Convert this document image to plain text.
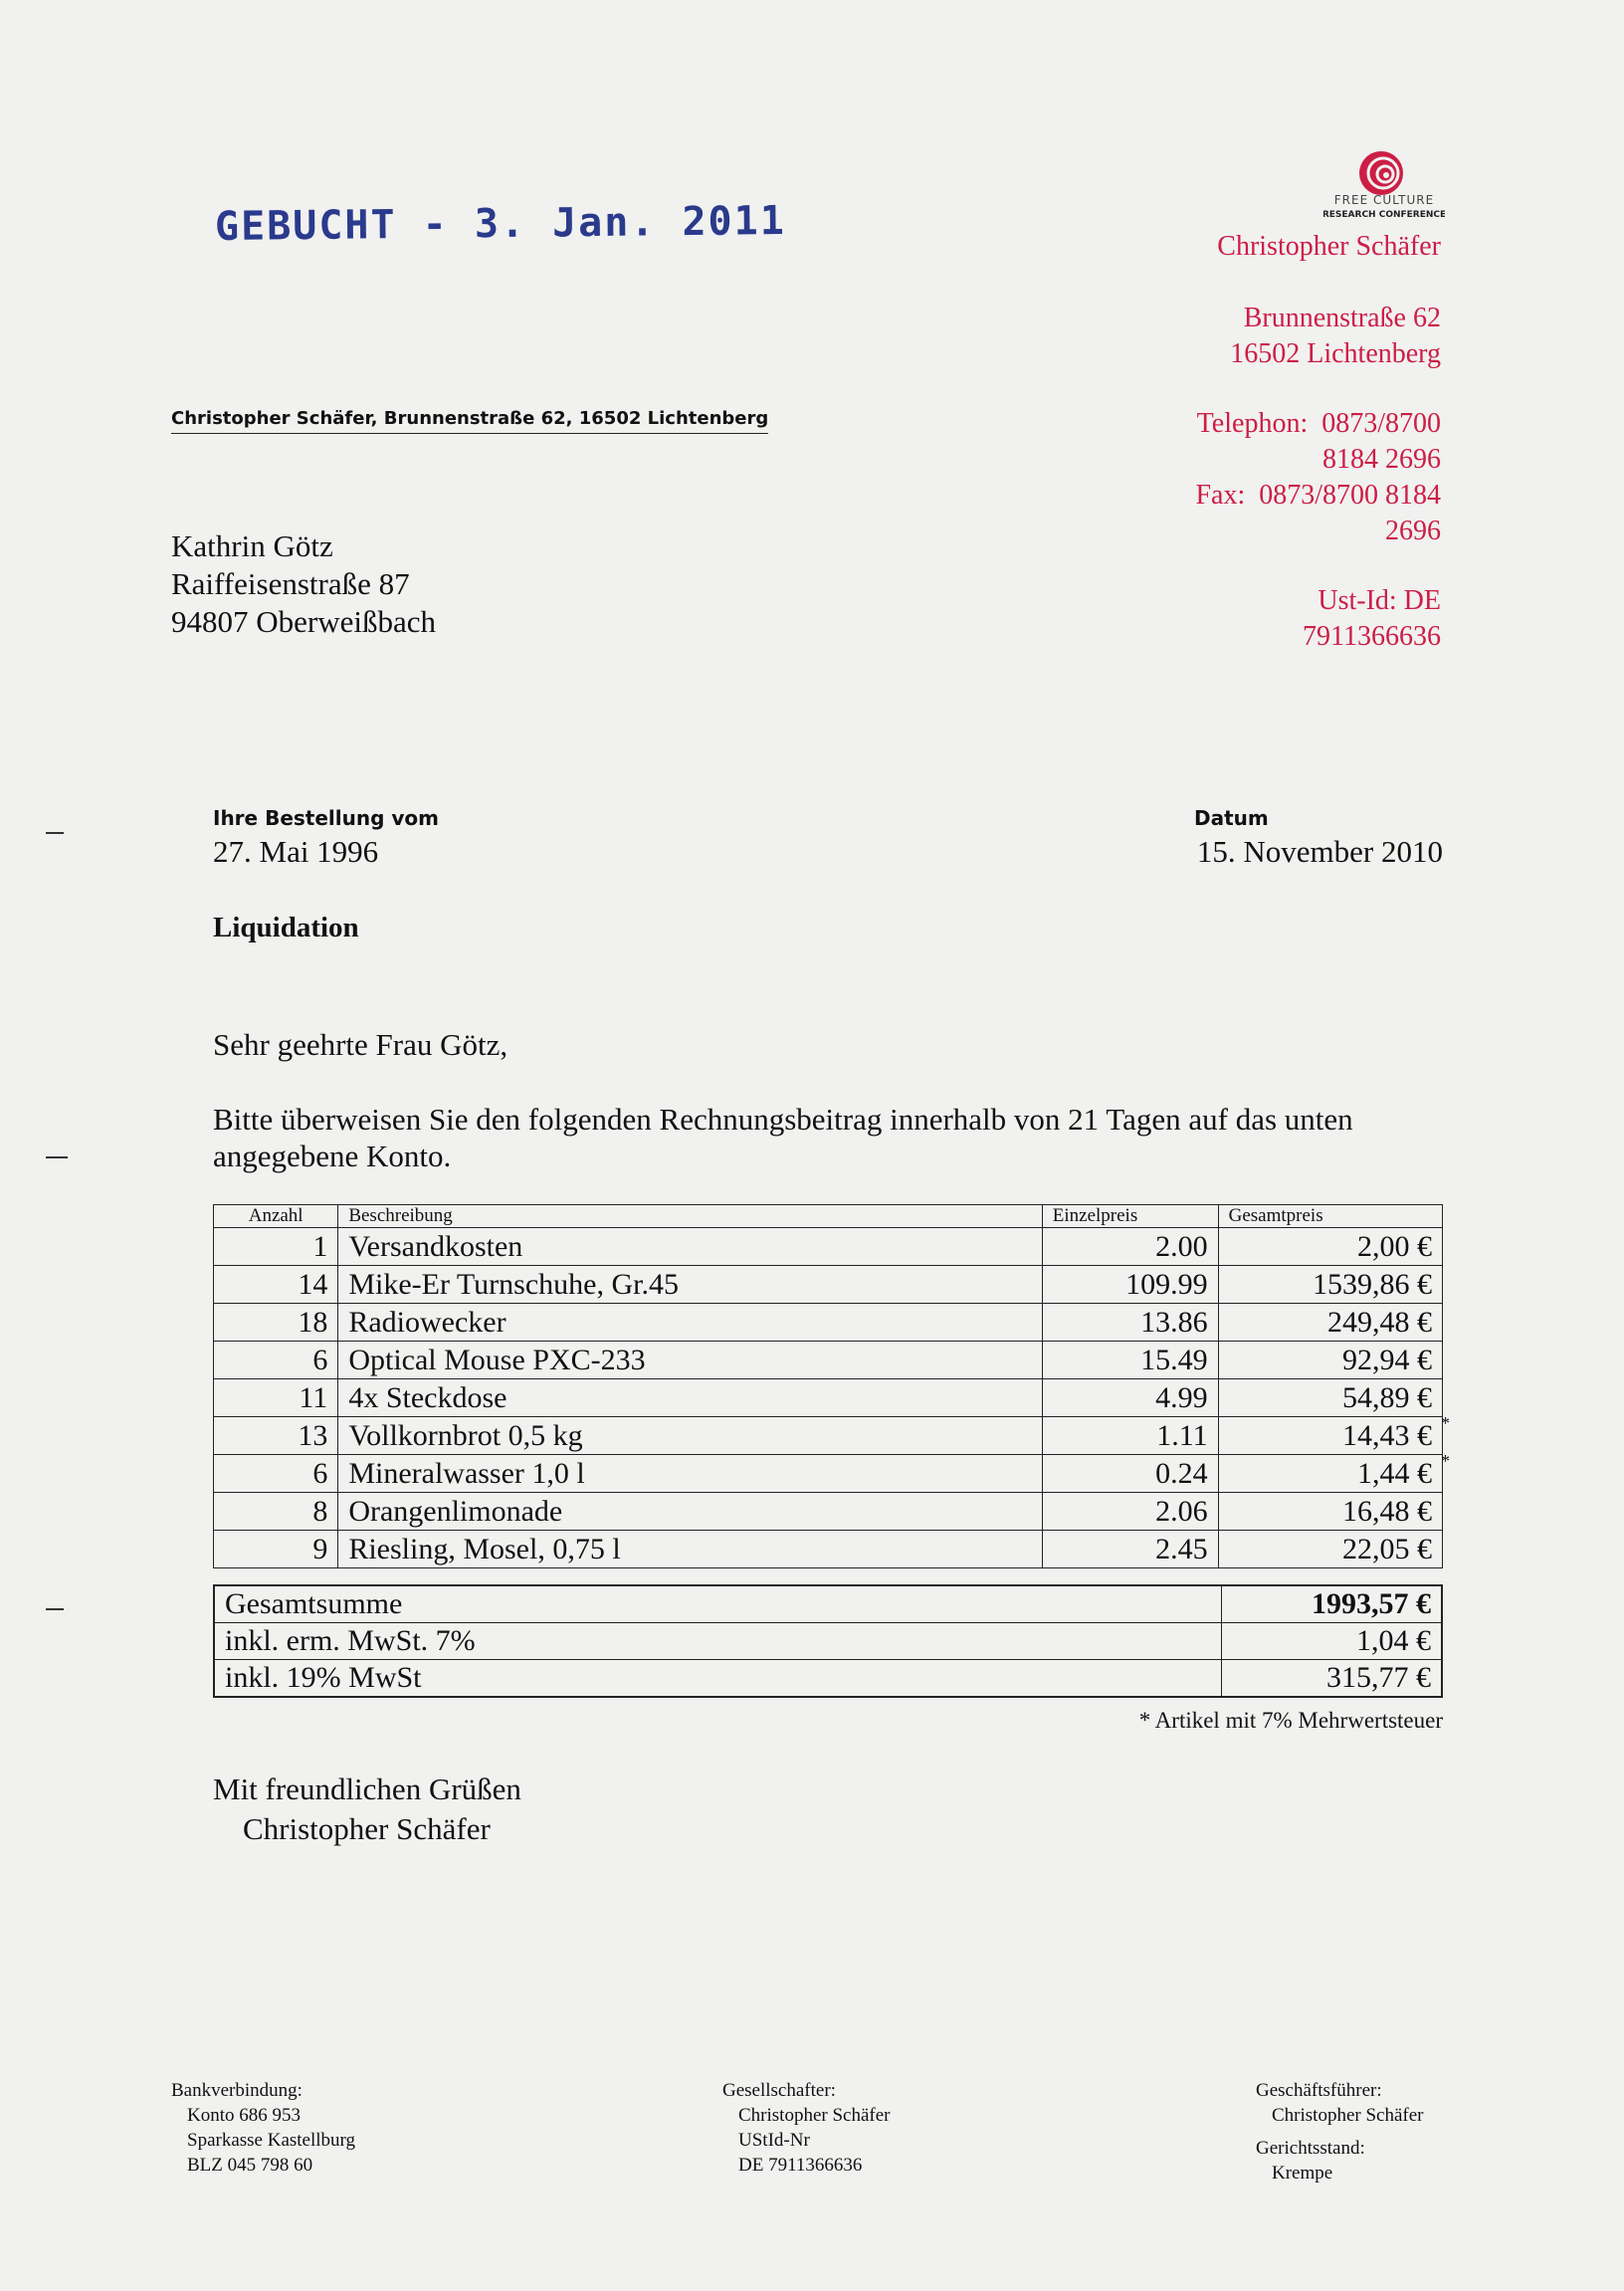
GEBUCHT - 3. Jan. 2011	FREE CULTURE
RESEARCH CONFERENCE
Christopher Schäfer
Brunnenstraße 62
16502 Lichtenberg
Telephon: 0873/8700
8184 2696
Fax: 0873/8700 8184
2696
Ust-Id: DE
7911366636
Christopher Schäfer, Brunnenstraße 62, 16502 Lichtenberg
Kathrin Götz
Raiffeisenstraße 87
94807 Oberweißbach
Ihre Bestellung vom
27. Mai 1996
Datum
15. November 2010
Liquidation
Sehr geehrte Frau Götz,
Bitte überweisen Sie den folgenden Rechnungsbeitrag innerhalb von 21 Tagen auf das unten
angegebene Konto.
Anzahl	Beschreibung	Einzelpreis	Gesamtpreis
1	Versandkosten	2.00	2,00 €

14	Mike-Er Turnschuhe, Gr.45	109.99	1539,86 €

18	Radiowecker	13.86	249,48 €

6	Optical Mouse PXC-233	15.49	92,94 €

11	4x Steckdose	4.99	54,89 €

13	Vollkornbrot 0,5 kg	1.11	14,43 € *

6	Mineralwasser 1,0 l	0.24	1,44 € *

8	Orangenlimonade	2.06	16,48 €

9	Riesling, Mosel, 0,75 l	2.45	22,05 €
Gesamtsumme	1993,57 €
inkl. erm. MwSt. 7%	1,04 €
inkl. 19% MwSt	315,77 €
* Artikel mit 7% Mehrwertsteuer
Mit freundlichen Grüßen
Christopher Schäfer
Bankverbindung:
Konto 686 953
Sparkasse Kastellburg
BLZ 045 798 60
Gesellschafter:
Christopher Schäfer
UStId-Nr
DE 7911366636
Geschäftsführer:
Christopher Schäfer
Gerichtsstand:
Krempe
